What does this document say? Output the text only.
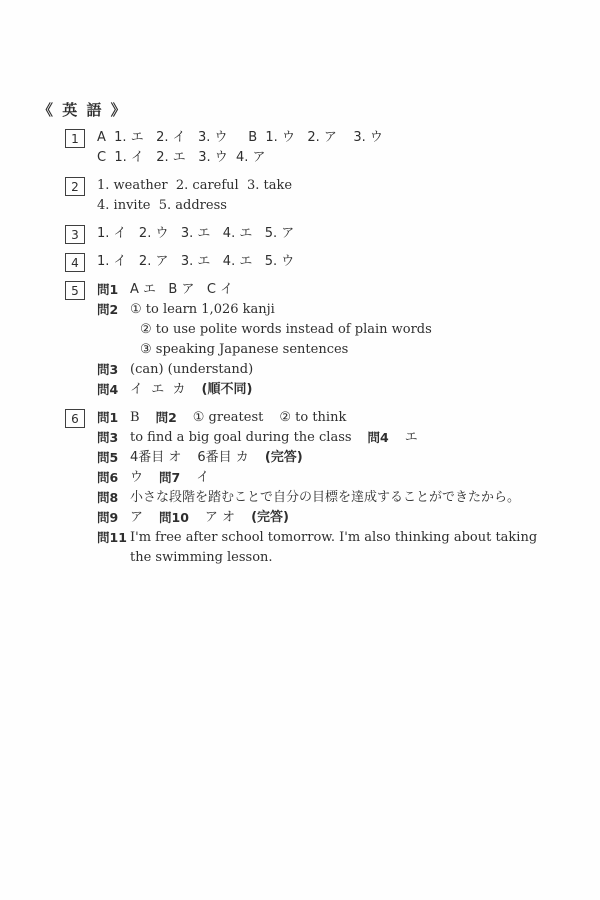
《 英 語 》
1 A  1. エ   2. イ   3. ウ     B  1. ウ   2. ア    3. ウ
C  1. イ   2. エ   3. ウ  4. ア
2 1. weather  2. careful  3. take
4. invite  5. address
3 1. イ   2. ウ   3. エ   4. エ   5. ア
4 1. イ   2. ア   3. エ   4. エ   5. ウ
5 問1 A エ   B ア   C イ
問2 ① to learn 1,026 kanji
② to use polite words instead of plain words
③ speaking Japanese sentences
問3 (can) (understand)
問4 イ  エ  カ (順不同)
6 問1 B 問2 ① greatest ② to think
問3 to find a big goal during the class 問4 エ
問5 4番目 オ 6番目 カ (完答)
問6 ウ 問7 イ
問8 小さな段階を踏むことで自分の目標を達成することができたから。
問9 ア 問10 ア オ (完答)
問11 I'm free after school tomorrow. I'm also thinking about taking
the swimming lesson.
